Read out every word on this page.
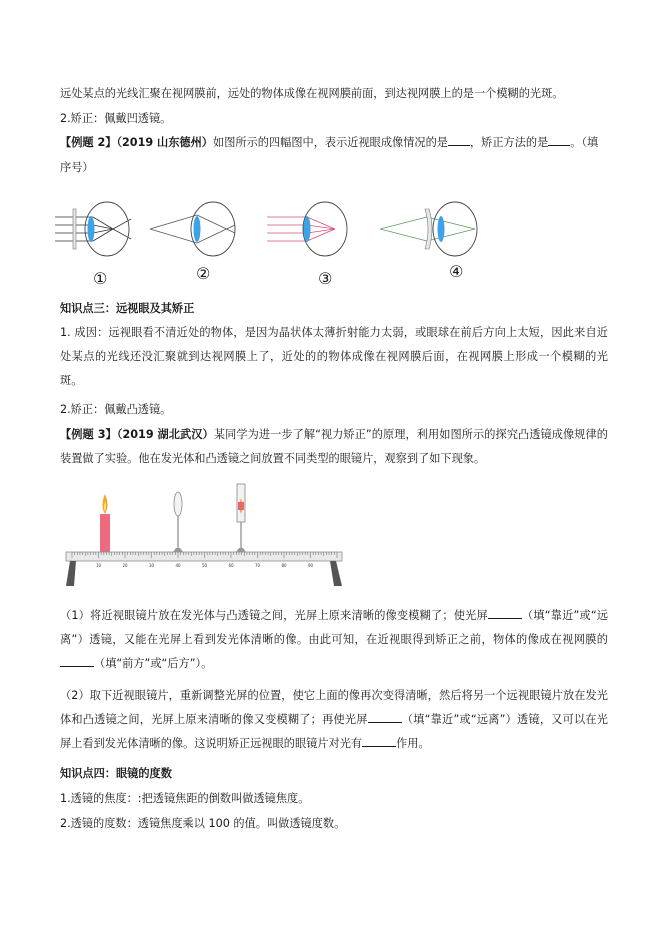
远处某点的光线汇聚在视网膜前，远处的物体成像在视网膜前面，到达视网膜上的是一个模糊的光斑。
2.矫正：佩戴凹透镜。
【例题 2】（2019 山东德州）如图所示的四幅图中，表示近视眼成像情况的是 ，矫正方法的是 。（填
序号）
①	②	③	④
知识点三：远视眼及其矫正
1. 成因：远视眼看不清近处的物体，是因为晶状体太薄折射能力太弱，或眼球在前后方向上太短，因此来自近处某点的光线还没汇聚就到达视网膜上了，近处的的物体成像在视网膜后面，在视网膜上形成一个模糊的光斑。
2.矫正：佩戴凸透镜。
【例题 3】（2019 湖北武汉）某同学为进一步了解“视力矫正”的原理，利用如图所示的探究凸透镜成像规律的装置做了实验。他在发光体和凸透镜之间放置不同类型的眼镜片，观察到了如下现象。
10	20	30	40	50	60	70	80	90
（1）将近视眼镜片放在发光体与凸透镜之间，光屏上原来清晰的像变模糊了；使光屏	（填“靠近”或“远离”）透镜，又能在光屏上看到发光体清晰的像。由此可知，在近视眼得到矫正之前，物体的像成在视网膜的（填“前方”或“后方”）。
（2）取下近视眼镜片，重新调整光屏的位置，使它上面的像再次变得清晰，然后将另一个远视眼镜片放在发光体和凸透镜之间，光屏上原来清晰的像又变模糊了；再使光屏	（填“靠近”或“远离”）透镜，又可以在光屏上看到发光体清晰的像。这说明矫正远视眼的眼镜片对光有	作用。
知识点四：眼镜的度数
1.透镜的焦度：:把透镜焦距的倒数叫做透镜焦度。
2.透镜的度数：透镜焦度乘以 100 的值。叫做透镜度数。
